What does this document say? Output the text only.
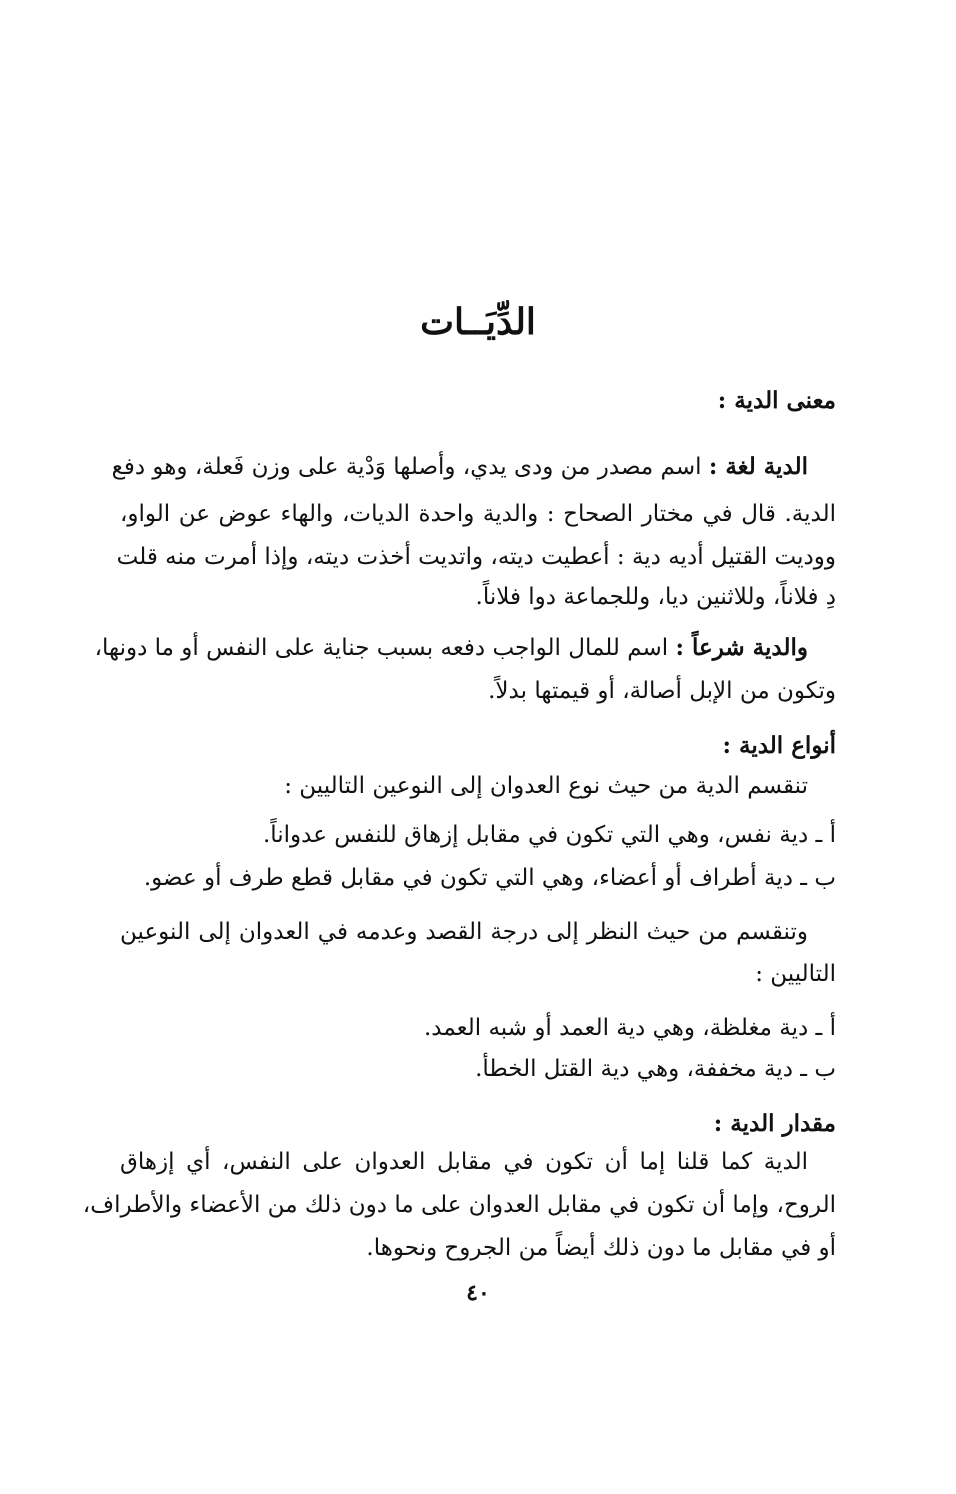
الدِّيَــات

معنى الدية :

الدية لغة : اسم مصدر من ودى يدي، وأصلها وَدْية على وزن فَعلة، وهو دفع

الدية. قال في مختار الصحاح : والدية واحدة الديات، والهاء عوض عن الواو،

ووديت القتيل أديه دية : أعطيت ديته، واتديت أخذت ديته، وإذا أمرت منه قلت

دِ فلاناً، وللاثنين ديا، وللجماعة دوا فلاناً.

والدية شرعاً : اسم للمال الواجب دفعه بسبب جناية على النفس أو ما دونها،

وتكون من الإبل أصالة، أو قيمتها بدلاً.

أنواع الدية :

تنقسم الدية من حيث نوع العدوان إلى النوعين التاليين :

أ ـ دية نفس، وهي التي تكون في مقابل إزهاق للنفس عدواناً.

ب ـ دية أطراف أو أعضاء، وهي التي تكون في مقابل قطع طرف أو عضو.

وتنقسم من حيث النظر إلى درجة القصد وعدمه في العدوان إلى النوعين

التاليين :

أ ـ دية مغلظة، وهي دية العمد أو شبه العمد.

ب ـ دية مخففة، وهي دية القتل الخطأ.

مقدار الدية :

الدية كما قلنا إما أن تكون في مقابل العدوان على النفس، أي إزهاق

الروح، وإما أن تكون في مقابل العدوان على ما دون ذلك من الأعضاء والأطراف،

أو في مقابل ما دون ذلك أيضاً من الجروح ونحوها.

٤٠
